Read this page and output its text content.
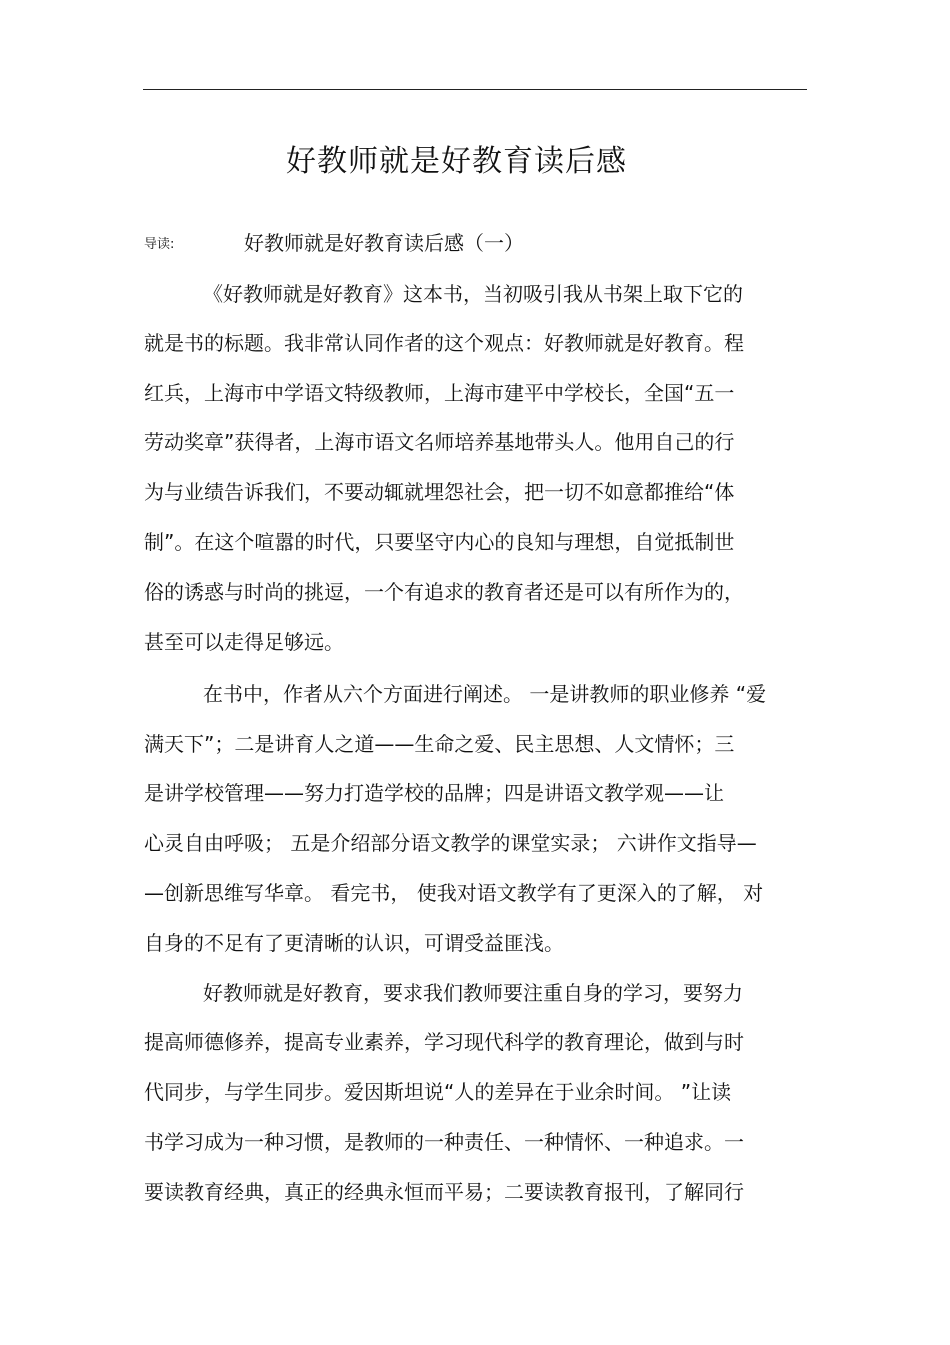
好教师就是好教育读后感
导读:	好教师就是好教育读后感（一）
《好教师就是好教育》这本书，当初吸引我从书架上取下它的
就是书的标题。我非常认同作者的这个观点：好教师就是好教育。程
红兵，上海市中学语文特级教师，上海市建平中学校长，全国“五一
劳动奖章”获得者，上海市语文名师培养基地带头人。他用自己的行
为与业绩告诉我们，不要动辄就埋怨社会，把一切不如意都推给“体
制”。在这个喧嚣的时代，只要坚守内心的良知与理想，自觉抵制世
俗的诱惑与时尚的挑逗，一个有追求的教育者还是可以有所作为的，
甚至可以走得足够远。
在书中，作者从六个方面进行阐述。 一是讲教师的职业修养 “爱
满天下”；二是讲育人之道——生命之爱、民主思想、人文情怀；三
是讲学校管理——努力打造学校的品牌；四是讲语文教学观——让
心灵自由呼吸； 五是介绍部分语文教学的课堂实录； 六讲作文指导—
—创新思维写华章。 看完书， 使我对语文教学有了更深入的了解， 对
自身的不足有了更清晰的认识，可谓受益匪浅。
好教师就是好教育，要求我们教师要注重自身的学习，要努力
提高师德修养，提高专业素养，学习现代科学的教育理论，做到与时
代同步，与学生同步。爱因斯坦说“人的差异在于业余时间。 ”让读
书学习成为一种习惯，是教师的一种责任、一种情怀、一种追求。一
要读教育经典，真正的经典永恒而平易；二要读教育报刊，了解同行
